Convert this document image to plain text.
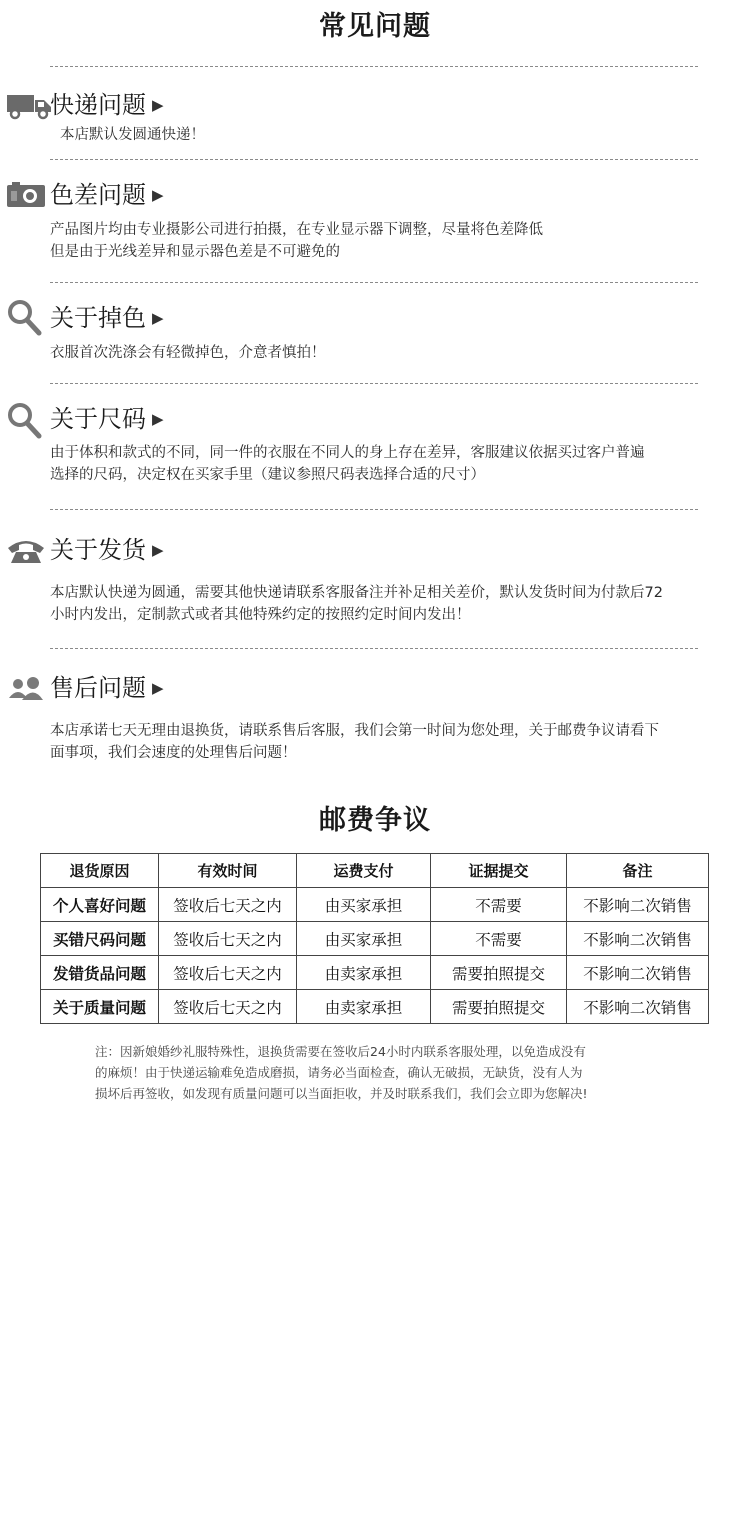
常见问题
快递问题 ▶
本店默认发圆通快递！
色差问题 ▶
产品图片均由专业摄影公司进行拍摄，在专业显示器下调整，尽量将色差降低
但是由于光线差异和显示器色差是不可避免的
关于掉色 ▶
衣服首次洗涤会有轻微掉色，介意者慎拍！
关于尺码 ▶
由于体积和款式的不同，同一件的衣服在不同人的身上存在差异，客服建议依据买过客户普遍
选择的尺码，决定权在买家手里（建议参照尺码表选择合适的尺寸）
关于发货 ▶
本店默认快递为圆通，需要其他快递请联系客服备注并补足相关差价，默认发货时间为付款后72
小时内发出，定制款式或者其他特殊约定的按照约定时间内发出！
售后问题 ▶
本店承诺七天无理由退换货，请联系售后客服，我们会第一时间为您处理，关于邮费争议请看下
面事项，我们会速度的处理售后问题！
邮费争议
退货原因	有效时间	运费支付	证据提交	备注
个人喜好问题	签收后七天之内	由买家承担	不需要	不影响二次销售
买错尺码问题	签收后七天之内	由买家承担	不需要	不影响二次销售
发错货品问题	签收后七天之内	由卖家承担	需要拍照提交	不影响二次销售
关于质量问题	签收后七天之内	由卖家承担	需要拍照提交	不影响二次销售
注：因新娘婚纱礼服特殊性，退换货需要在签收后24小时内联系客服处理，以免造成没有
的麻烦！由于快递运输难免造成磨损，请务必当面检查，确认无破损，无缺货，没有人为
损坏后再签收，如发现有质量问题可以当面拒收，并及时联系我们，我们会立即为您解决!
